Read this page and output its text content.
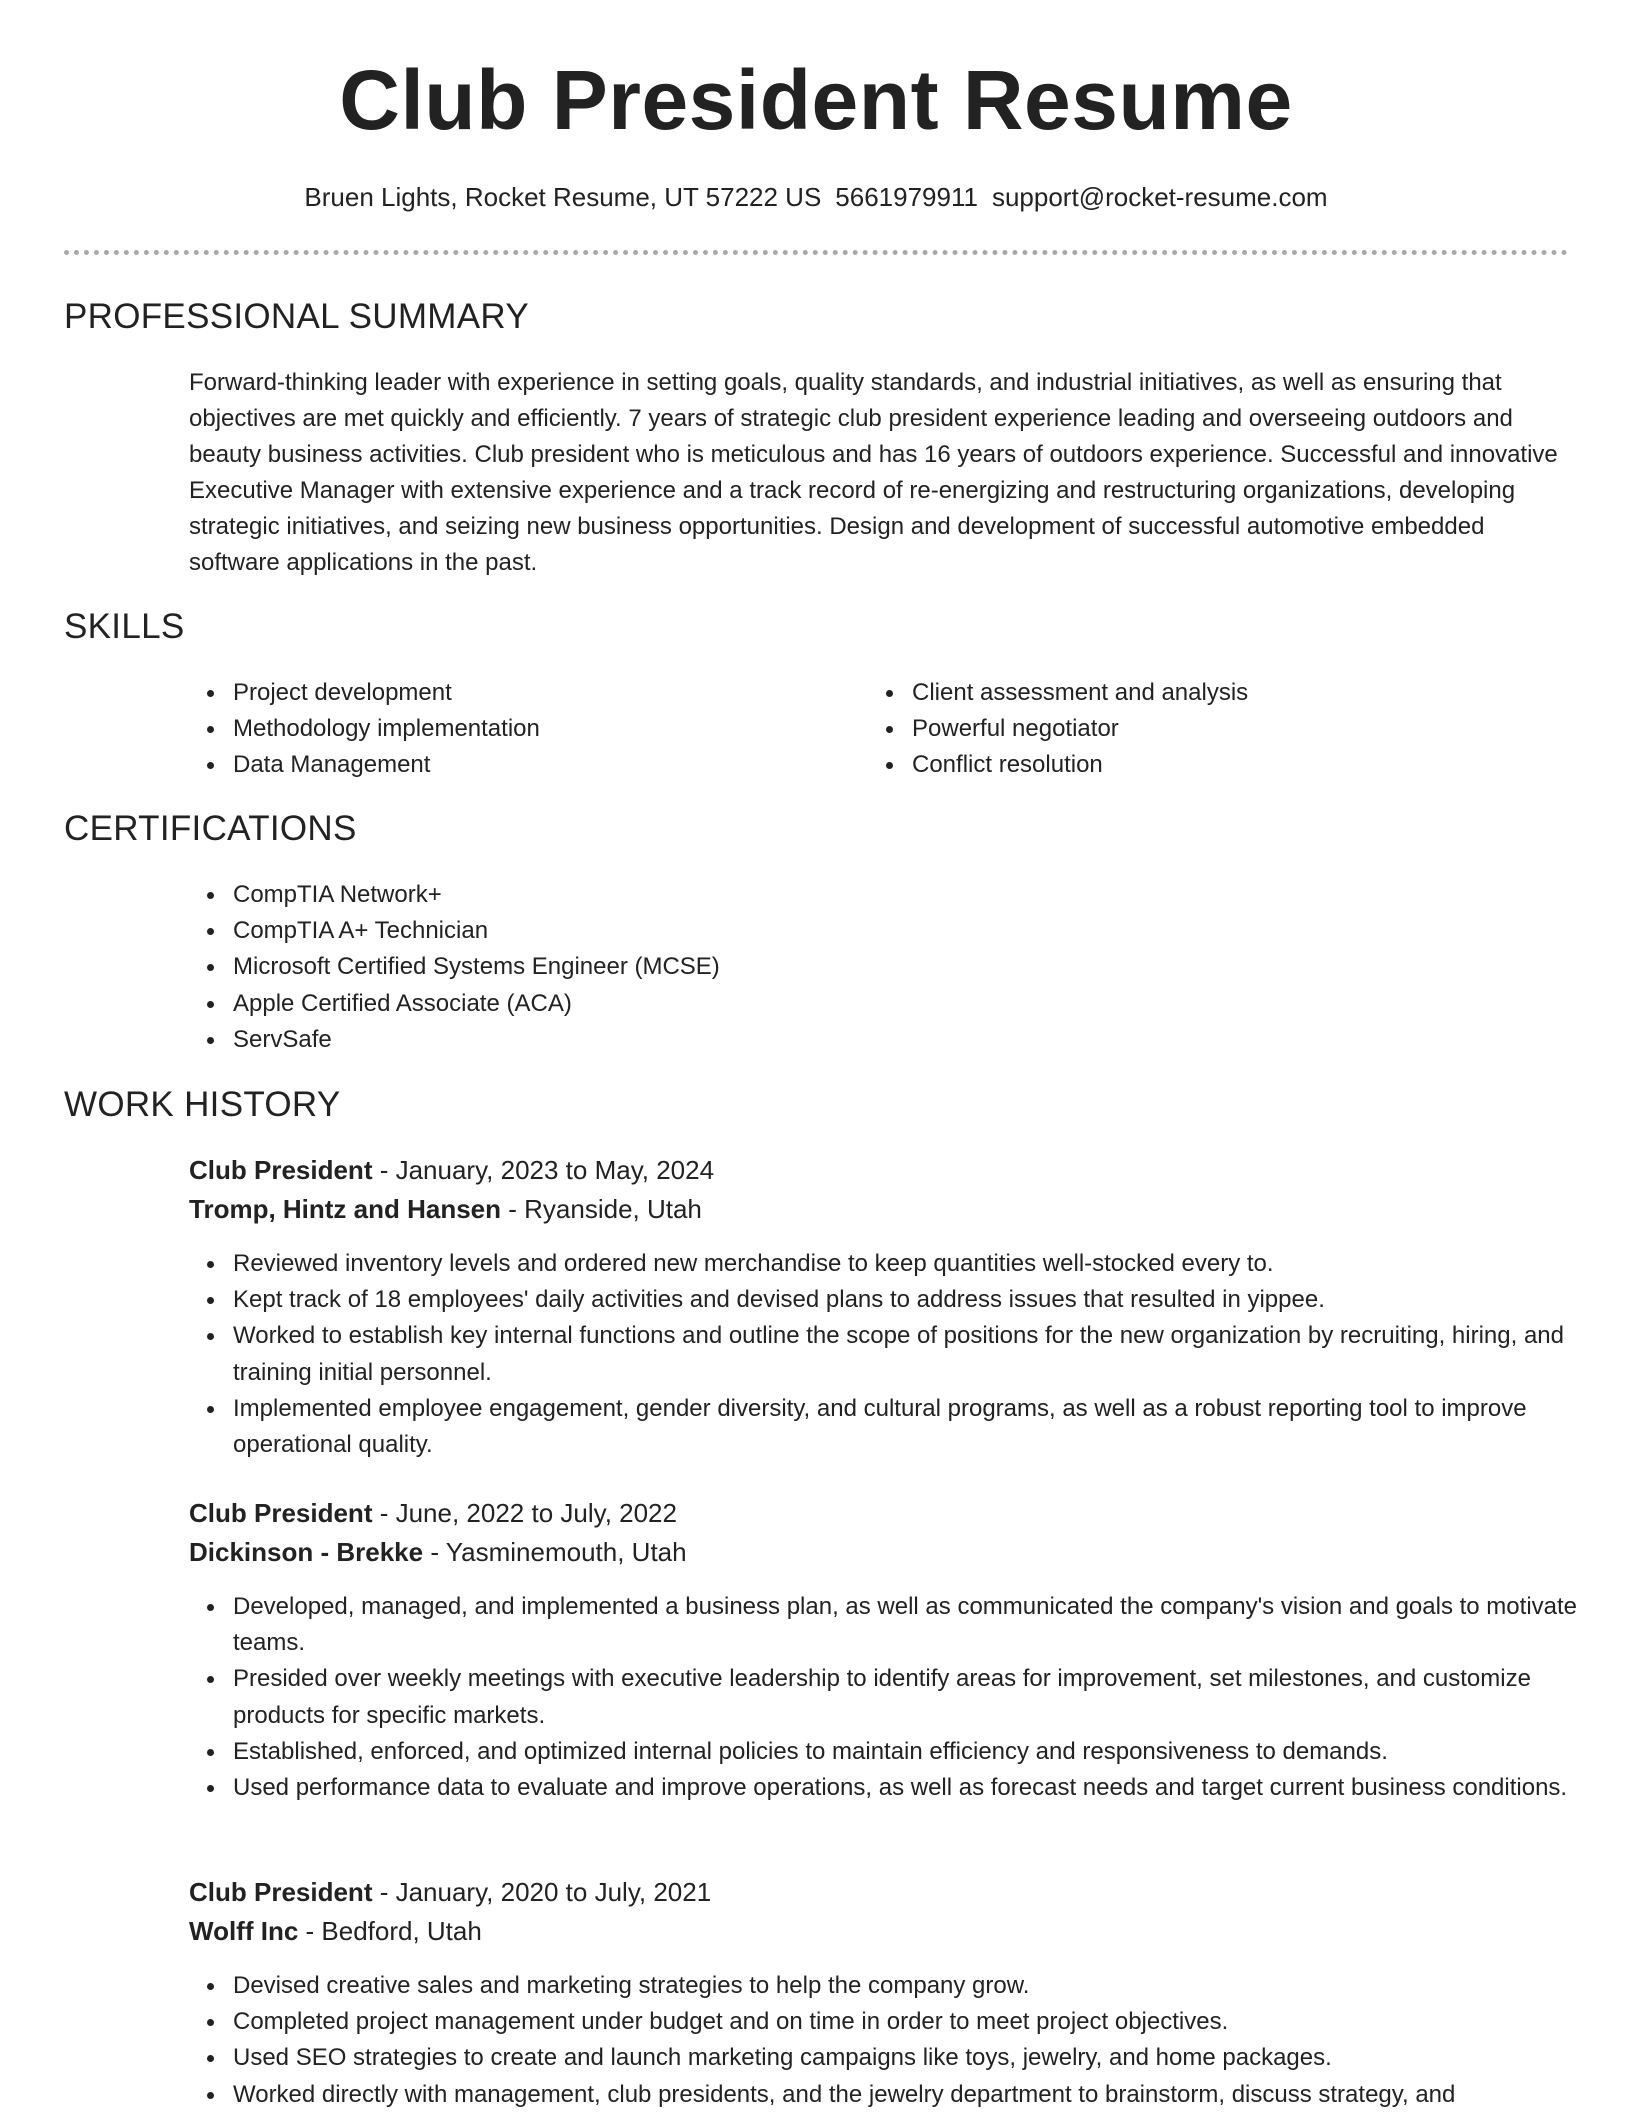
Club President Resume
Bruen Lights, Rocket Resume, UT 57222 US 5661979911 support@rocket-resume.com
PROFESSIONAL SUMMARY

Forward-thinking leader with experience in setting goals, quality standards, and industrial initiatives, as well as ensuring that objectives are met quickly and efficiently. 7 years of strategic club president experience leading and overseeing outdoors and beauty business activities. Club president who is meticulous and has 16 years of outdoors experience. Successful and innovative Executive Manager with extensive experience and a track record of re-energizing and restructuring organizations, developing strategic initiatives, and seizing new business opportunities. Design and development of successful automotive embedded software applications in the past.

SKILLS
Project development
Methodology implementation
Data Management
Client assessment and analysis
Powerful negotiator
Conflict resolution
CERTIFICATIONS
CompTIA Network+
CompTIA A+ Technician
Microsoft Certified Systems Engineer (MCSE)
Apple Certified Associate (ACA)
ServSafe
WORK HISTORY
Club President - January, 2023 to May, 2024
Tromp, Hintz and Hansen - Ryanside, Utah
Reviewed inventory levels and ordered new merchandise to keep quantities well-stocked every to.
Kept track of 18 employees' daily activities and devised plans to address issues that resulted in yippee.
Worked to establish key internal functions and outline the scope of positions for the new organization by recruiting, hiring, and training initial personnel.
Implemented employee engagement, gender diversity, and cultural programs, as well as a robust reporting tool to improve operational quality.
Club President - June, 2022 to July, 2022
Dickinson - Brekke - Yasminemouth, Utah
Developed, managed, and implemented a business plan, as well as communicated the company's vision and goals to motivate teams.
Presided over weekly meetings with executive leadership to identify areas for improvement, set milestones, and customize products for specific markets.
Established, enforced, and optimized internal policies to maintain efficiency and responsiveness to demands.
Used performance data to evaluate and improve operations, as well as forecast needs and target current business conditions.
Club President - January, 2020 to July, 2021
Wolff Inc - Bedford, Utah
Devised creative sales and marketing strategies to help the company grow.
Completed project management under budget and on time in order to meet project objectives.
Used SEO strategies to create and launch marketing campaigns like toys, jewelry, and home packages.
Worked directly with management, club presidents, and the jewelry department to brainstorm, discuss strategy, and
